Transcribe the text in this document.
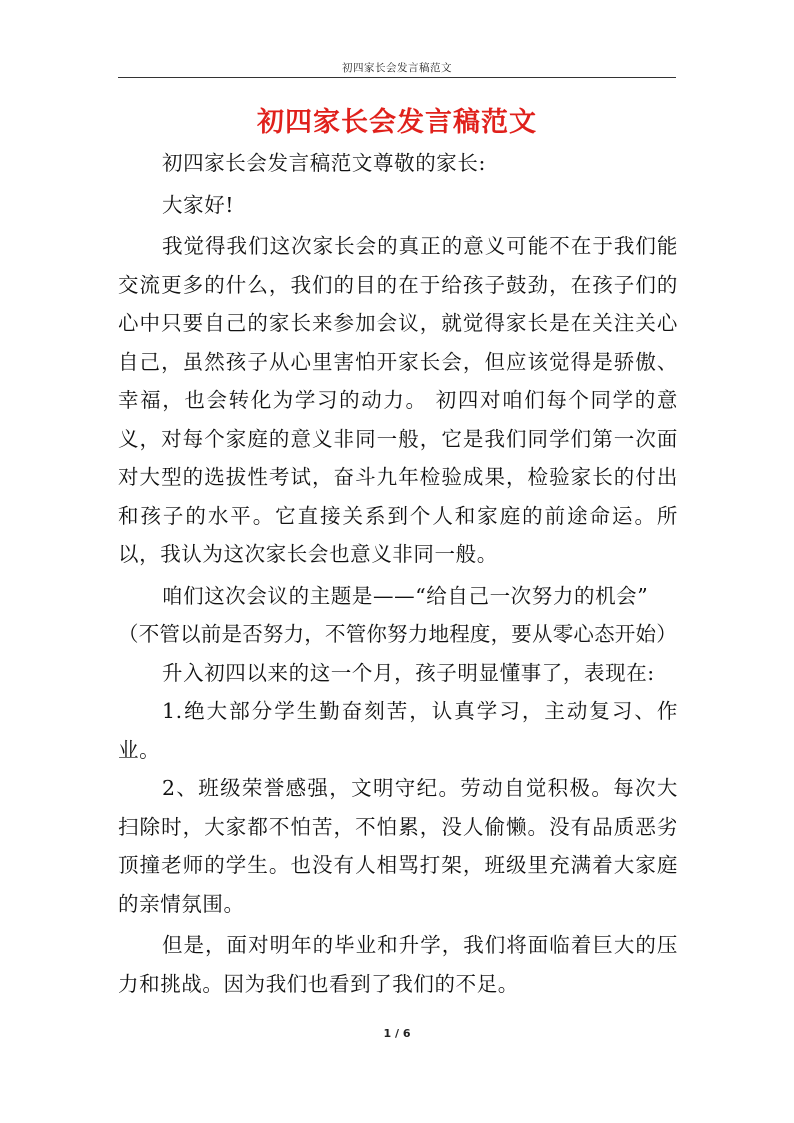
初四家长会发言稿范文
初四家长会发言稿范文

初四家长会发言稿范文尊敬的家长:

大家好!

我觉得我们这次家长会的真正的意义可能不在于我们能交流更多的什么，我们的目的在于给孩子鼓劲，在孩子们的心中只要自己的家长来参加会议，就觉得家长是在关注关心自己，虽然孩子从心里害怕开家长会，但应该觉得是骄傲、幸福，也会转化为学习的动力。 初四对咱们每个同学的意义，对每个家庭的意义非同一般，它是我们同学们第一次面对大型的选拔性考试，奋斗九年检验成果，检验家长的付出和孩子的水平。它直接关系到个人和家庭的前途命运。所以，我认为这次家长会也意义非同一般。

咱们这次会议的主题是——“给自己一次努力的机会”

（不管以前是否努力，不管你努力地程度，要从零心态开始）

升入初四以来的这一个月，孩子明显懂事了，表现在:

1.绝大部分学生勤奋刻苦，认真学习，主动复习、作业。

2、班级荣誉感强，文明守纪。劳动自觉积极。每次大扫除时，大家都不怕苦，不怕累，没人偷懒。没有品质恶劣顶撞老师的学生。也没有人相骂打架，班级里充满着大家庭的亲情氛围。

但是，面对明年的毕业和升学，我们将面临着巨大的压力和挑战。因为我们也看到了我们的不足。

1 / 6
